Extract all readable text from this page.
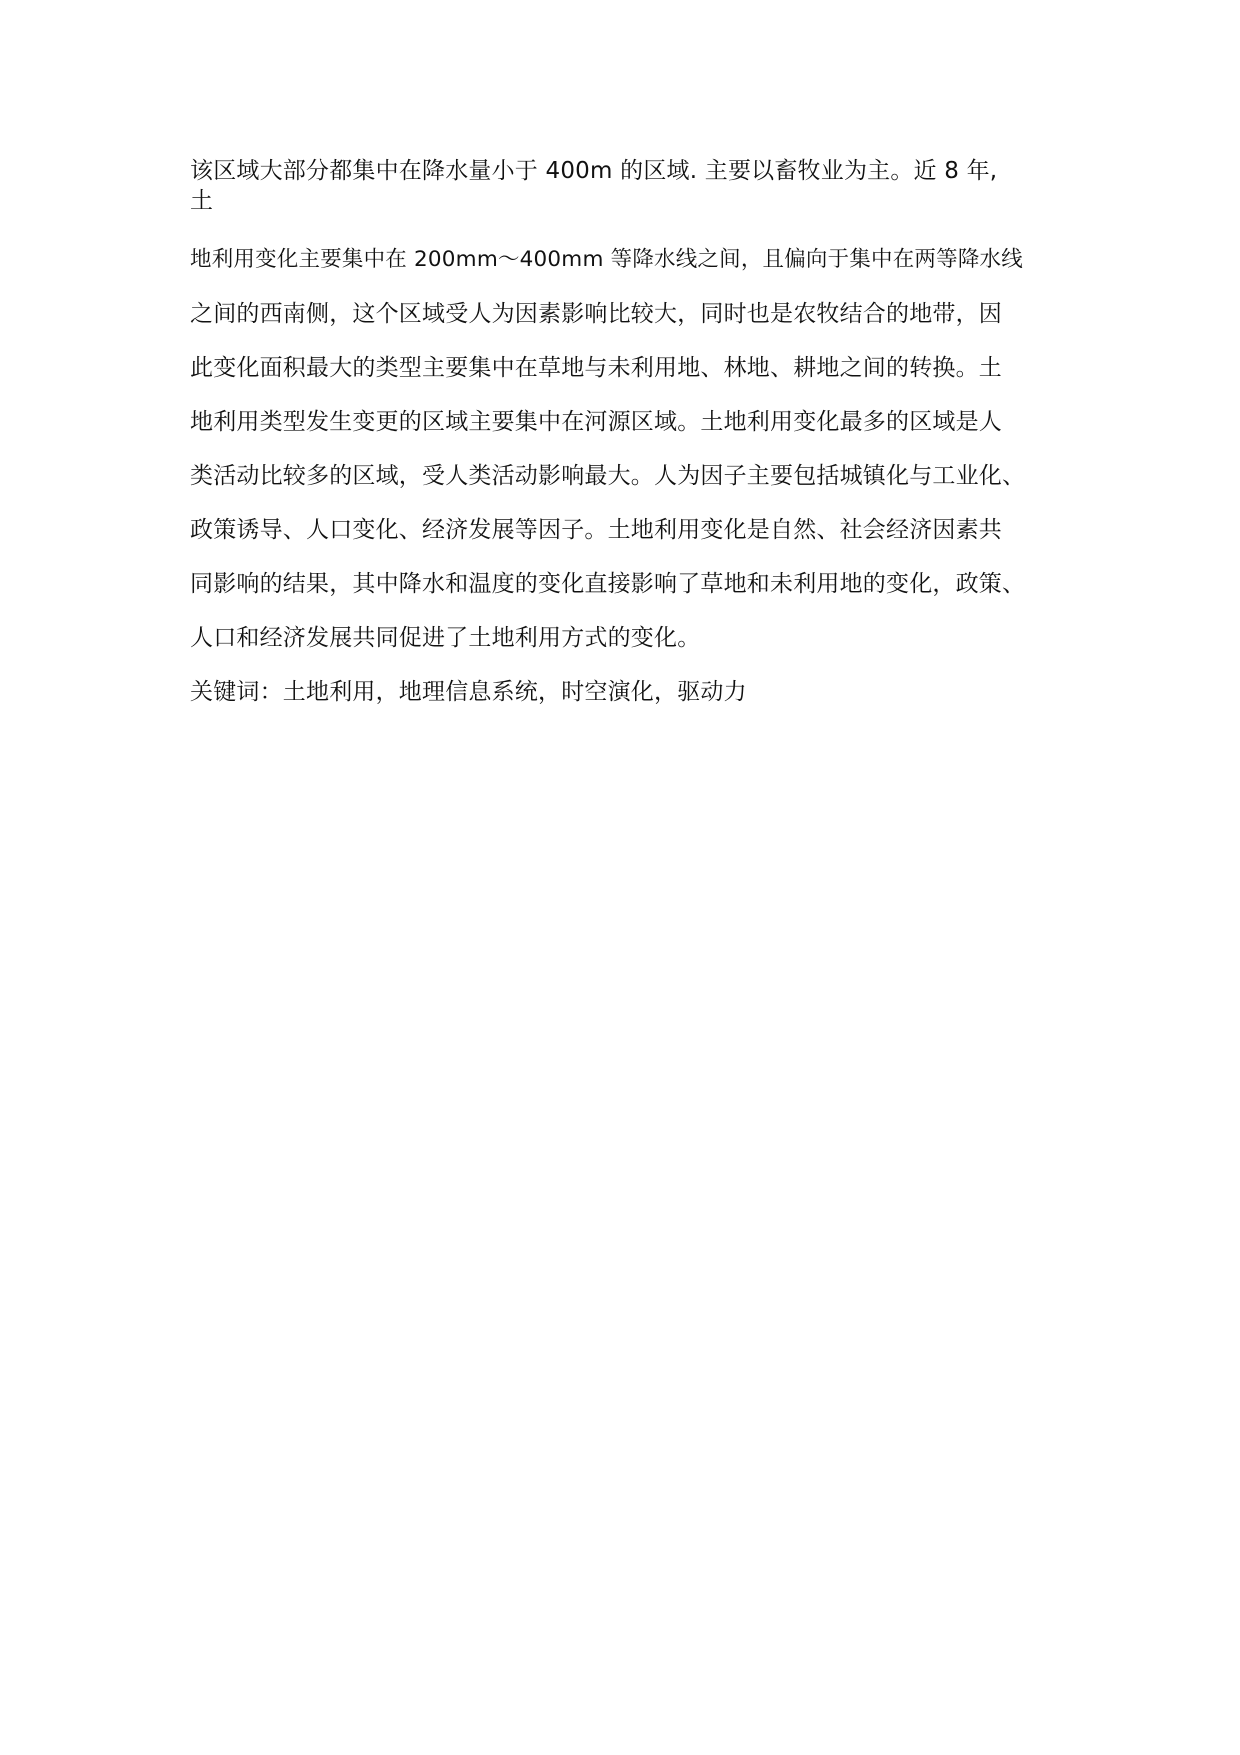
该区域大部分都集中在降水量小于 400m 的区域. 主要以畜牧业为主。近 8 年,
土
地利用变化主要集中在 200mm～400mm 等降水线之间，且偏向于集中在两等降水线
之间的西南侧，这个区域受人为因素影响比较大，同时也是农牧结合的地带，因
此变化面积最大的类型主要集中在草地与未利用地、林地、耕地之间的转换。土
地利用类型发生变更的区域主要集中在河源区域。土地利用变化最多的区域是人
类活动比较多的区域，受人类活动影响最大。人为因子主要包括城镇化与工业化、
政策诱导、人口变化、经济发展等因子。土地利用变化是自然、社会经济因素共
同影响的结果，其中降水和温度的变化直接影响了草地和未利用地的变化，政策、
人口和经济发展共同促进了土地利用方式的变化。
关键词：土地利用，地理信息系统，时空演化，驱动力
